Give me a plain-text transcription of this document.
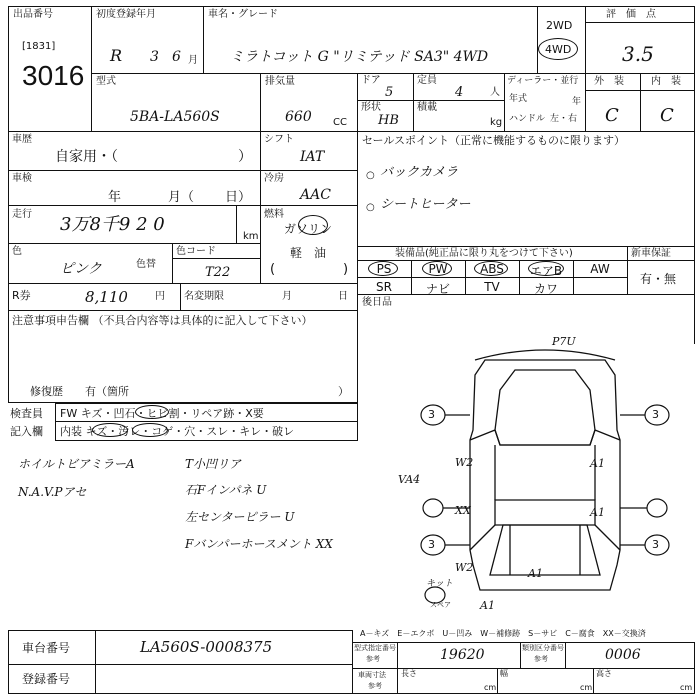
出品番号
[1831]
3016
初度登録年月
R 3 6 月
車名・グレード
ミラトコット G "リミテッド SA3" 4WD
2WD
4WD
評　価　点
3.5
型式
5BA-LA560S
排気量
660 CC
ドア
5
定員
4	人
形状
HB
積載
kg
ディーラー・並行
年式	年
ハンドル 左・右
外　装	内　装
C C
車歴
自家用・（	）
車検
年	月（ 日）
走行 3万8千9 2 0
km
色
ピンク	色替
色コード
T22
シフト
IAT
冷房
AAC
燃料
ガソリン
軽　油
(	)
セールスポイント（正常に機能するものに限ります）
○ バックカメラ
○ シートヒーター
装備品(純正品に限り丸をつけて下さい)	新車保証
PS	PW	ABS	エアB	AW
SR	ナビ	TV	カワ
有・無
R券	8,110	円 名変期限	月	日
注意事項申告欄 （不具合内容等は具体的に記入して下さい）
修復歴　　有（箇所	）
後日品
検査員
記入欄
FW キズ・凹石・ヒビ割・リペア跡・X要
内装 キズ・汚レ・コゲ・穴・スレ・キレ・破レ
ホイルトビアミラーA
N.A.V.Pアセ
T小凹リア
石Fインパネ U
左センターピラー U
Fバンパーホースメント XX
P7U
VA4
W2	A1
XX	A1
W2	A1
A1
3	3
3	3
キット
スペア
A－キズ　E－エクボ　U－凹み　W－補修跡　S－サビ　C－腐食　XX－交換済
車台番号	LA560S-0008375
登録番号
型式指定番号
参考	19620	類別区分番号
参考	0006
車両寸法
参考
長さ
cm
幅
cm
高さ
cm
